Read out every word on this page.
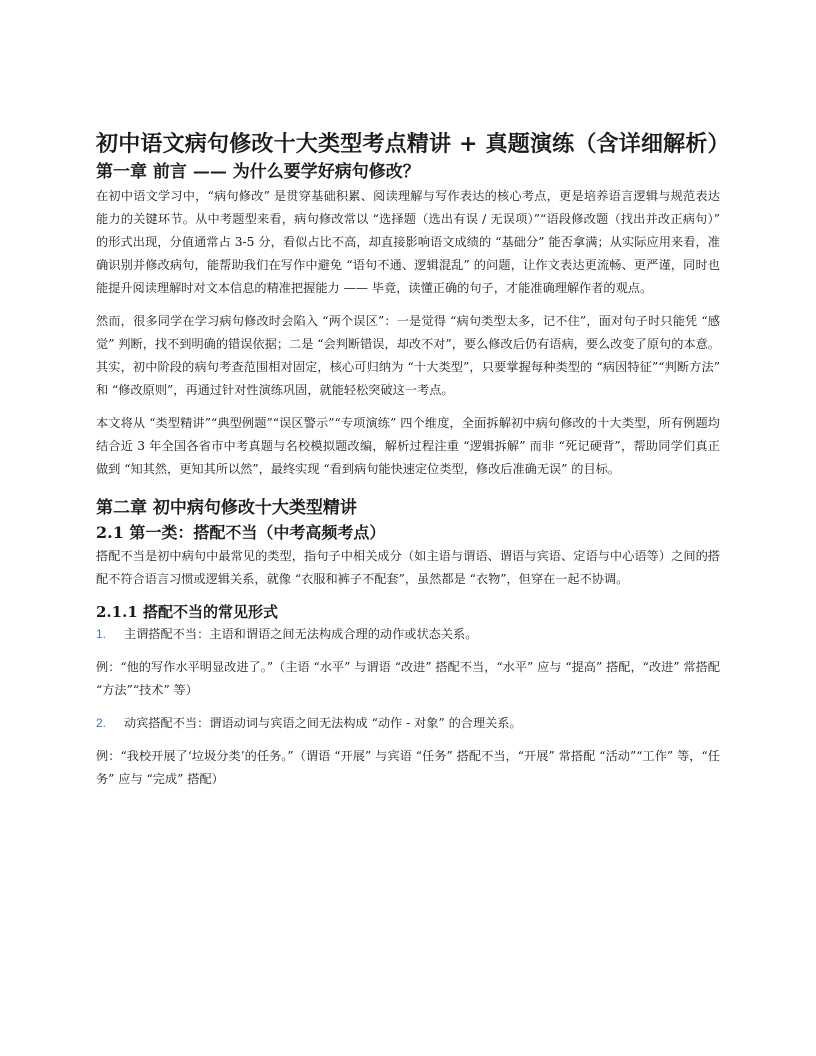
初中语文病句修改十大类型考点精讲 + 真题演练（含详细解析）
第一章 前言 —— 为什么要学好病句修改？

在初中语文学习中，“病句修改” 是贯穿基础积累、阅读理解与写作表达的核心考点，更是培养语言逻辑与规范表达能力的关键环节。从中考题型来看，病句修改常以 “选择题（选出有误 / 无误项）”“语段修改题（找出并改正病句）” 的形式出现，分值通常占 3-5 分，看似占比不高，却直接影响语文成绩的 “基础分” 能否拿满；从实际应用来看，准确识别并修改病句，能帮助我们在写作中避免 “语句不通、逻辑混乱” 的问题，让作文表达更流畅、更严谨，同时也能提升阅读理解时对文本信息的精准把握能力 —— 毕竟，读懂正确的句子，才能准确理解作者的观点。

然而，很多同学在学习病句修改时会陷入 “两个误区”：一是觉得 “病句类型太多，记不住”，面对句子时只能凭 “感觉” 判断，找不到明确的错误依据；二是 “会判断错误，却改不对”，要么修改后仍有语病，要么改变了原句的本意。其实，初中阶段的病句考查范围相对固定，核心可归纳为 “十大类型”，只要掌握每种类型的 “病因特征”“判断方法” 和 “修改原则”，再通过针对性演练巩固，就能轻松突破这一考点。

本文将从 “类型精讲”“典型例题”“误区警示”“专项演练” 四个维度，全面拆解初中病句修改的十大类型，所有例题均结合近 3 年全国各省市中考真题与名校模拟题改编，解析过程注重 “逻辑拆解” 而非 “死记硬背”，帮助同学们真正做到 “知其然，更知其所以然”，最终实现 “看到病句能快速定位类型，修改后准确无误” 的目标。

第二章 初中病句修改十大类型精讲
2.1 第一类：搭配不当（中考高频考点）

搭配不当是初中病句中最常见的类型，指句子中相关成分（如主语与谓语、谓语与宾语、定语与中心语等）之间的搭配不符合语言习惯或逻辑关系，就像 “衣服和裤子不配套”，虽然都是 “衣物”，但穿在一起不协调。

2.1.1 搭配不当的常见形式
1.	主谓搭配不当：主语和谓语之间无法构成合理的动作或状态关系。

例：“他的写作水平明显改进了。”（主语 “水平” 与谓语 “改进” 搭配不当，“水平” 应与 “提高” 搭配，“改进” 常搭配 “方法”“技术” 等）

2.	动宾搭配不当：谓语动词与宾语之间无法构成 “动作 - 对象” 的合理关系。

例：“我校开展了‘垃圾分类’的任务。”（谓语 “开展” 与宾语 “任务” 搭配不当，“开展” 常搭配 “活动”“工作” 等，“任务” 应与 “完成” 搭配）
